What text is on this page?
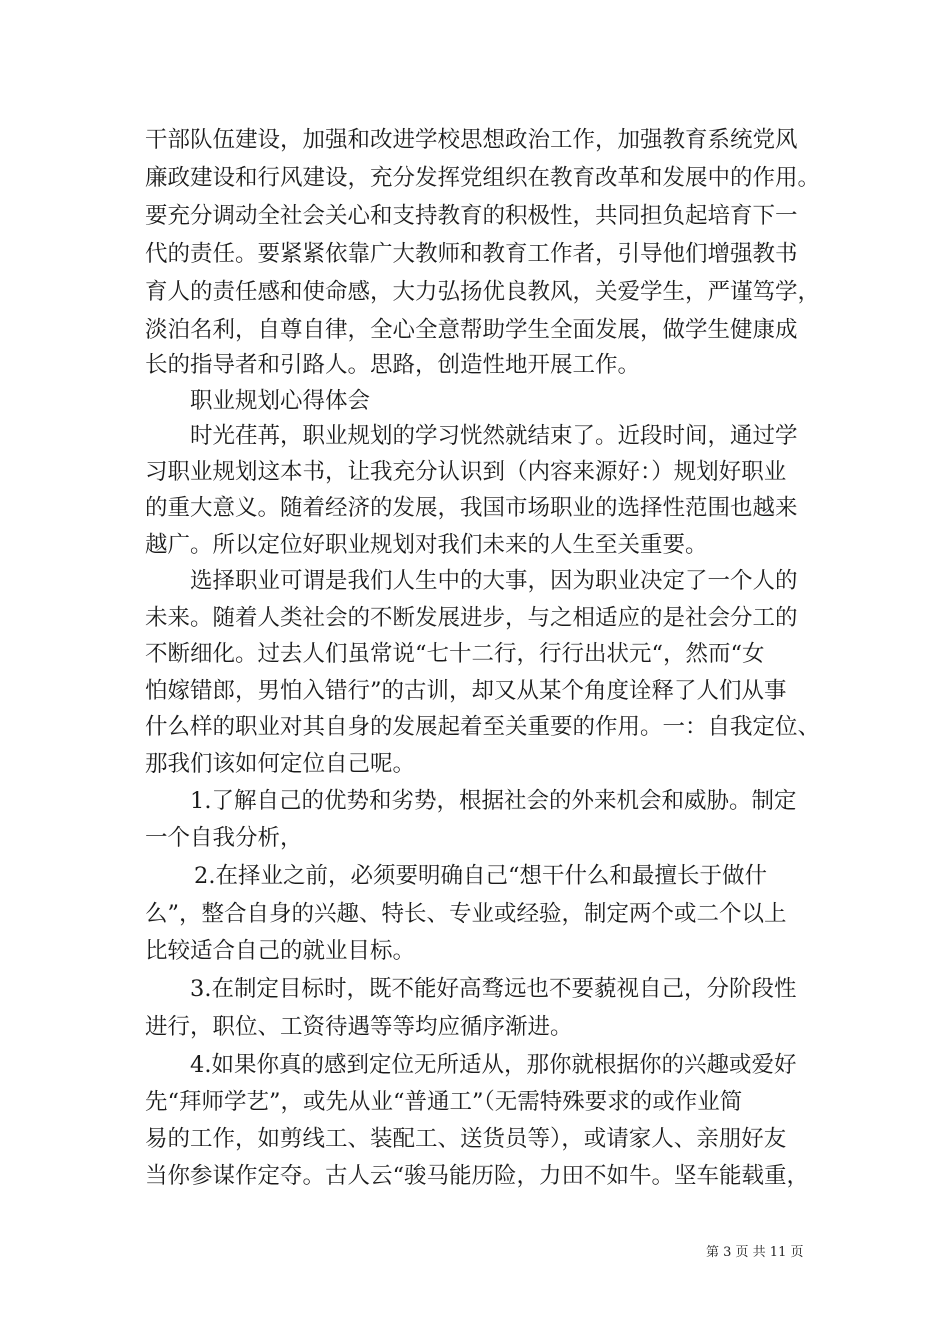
干部队伍建设，加强和改进学校思想政治工作，加强教育系统党风
廉政建设和行风建设，充分发挥党组织在教育改革和发展中的作用。
要充分调动全社会关心和支持教育的积极性，共同担负起培育下一
代的责任。要紧紧依靠广大教师和教育工作者，引导他们增强教书
育人的责任感和使命感，大力弘扬优良教风，关爱学生，严谨笃学，
淡泊名利，自尊自律，全心全意帮助学生全面发展，做学生健康成
长的指导者和引路人。思路，创造性地开展工作。
职业规划心得体会
时光荏苒，职业规划的学习恍然就结束了。近段时间，通过学
习职业规划这本书，让我充分认识到（内容来源好：）规划好职业
的重大意义。随着经济的发展，我国市场职业的选择性范围也越来
越广。所以定位好职业规划对我们未来的人生至关重要。
选择职业可谓是我们人生中的大事，因为职业决定了一个人的
未来。随着人类社会的不断发展进步，与之相适应的是社会分工的
不断细化。过去人们虽常说“七十二行，行行出状元“，然而“女
怕嫁错郎，男怕入错行”的古训，却又从某个角度诠释了人们从事
什么样的职业对其自身的发展起着至关重要的作用。一：自我定位、
那我们该如何定位自己呢。
1.了解自己的优势和劣势，根据社会的外来机会和威胁。制定
一个自我分析，
2.在择业之前，必须要明确自己“想干什么和最擅长于做什
么”，整合自身的兴趣、特长、专业或经验，制定两个或二个以上
比较适合自己的就业目标。
3.在制定目标时，既不能好高骛远也不要藐视自己，分阶段性
进行，职位、工资待遇等等均应循序渐进。
4.如果你真的感到定位无所适从，那你就根据你的兴趣或爱好
先“拜师学艺”，或先从业“普通工”（无需特殊要求的或作业简
易的工作，如剪线工、装配工、送货员等），或请家人、亲朋好友
当你参谋作定夺。古人云“骏马能历险，力田不如牛。坚车能载重，
第 3 页 共 11 页
